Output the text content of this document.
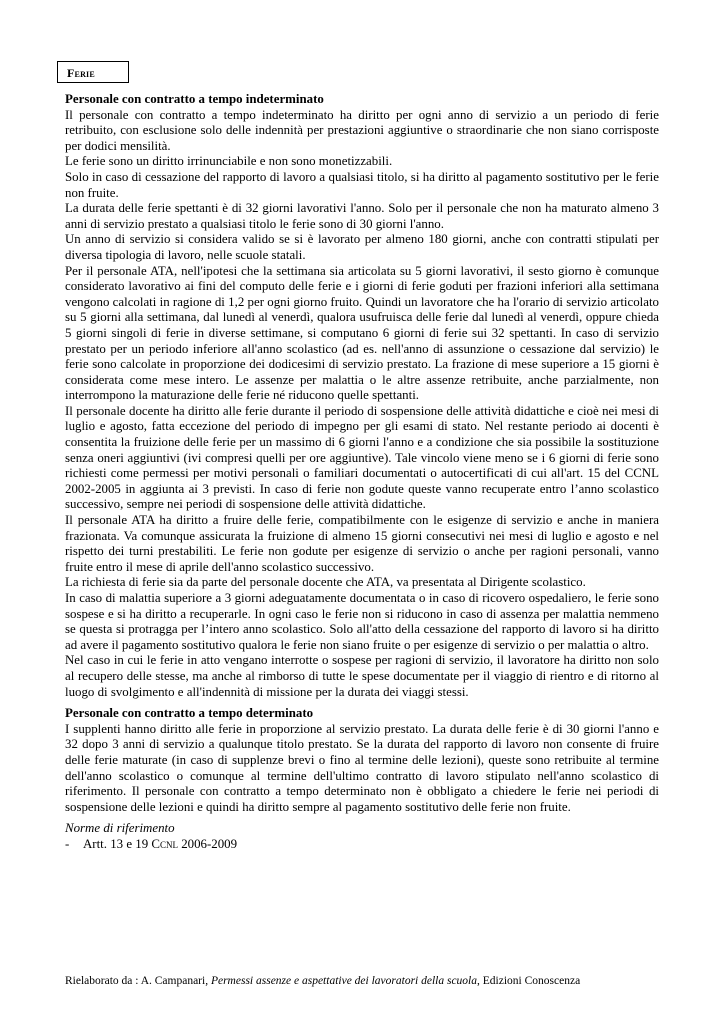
Ferie

Personale con contratto a tempo indeterminato

Il personale con contratto a tempo indeterminato ha diritto per ogni anno di servizio a un periodo di ferie retribuito, con esclusione solo delle indennità per prestazioni aggiuntive o straordinarie che non siano corrisposte per dodici mensilità.

Le ferie sono un diritto irrinunciabile e non sono monetizzabili.

Solo in caso di cessazione del rapporto di lavoro a qualsiasi titolo, si ha diritto al pagamento sostitutivo per le ferie non fruite.

La durata delle ferie spettanti è di 32 giorni lavorativi l'anno. Solo per il personale che non ha maturato almeno 3 anni di servizio prestato a qualsiasi titolo le ferie sono di 30 giorni l'anno.

Un anno di servizio si considera valido se si è lavorato per almeno 180 giorni, anche con contratti stipulati per diversa tipologia di lavoro, nelle scuole statali.

Per il personale ATA, nell'ipotesi che la settimana sia articolata su 5 giorni lavorativi, il sesto giorno è comunque considerato lavorativo ai fini del computo delle ferie e i giorni di ferie goduti per frazioni inferiori alla settimana vengono calcolati in ragione di 1,2 per ogni giorno fruito. Quindi un lavoratore che ha l'orario di servizio articolato su 5 giorni alla settimana, dal lunedì al venerdì, qualora usufruisca delle ferie dal lunedì al venerdì, oppure chieda 5 giorni singoli di ferie in diverse settimane, si computano 6 giorni di ferie sui 32 spettanti. In caso di servizio prestato per un periodo inferiore all'anno scolastico (ad es. nell'anno di assunzione o cessazione dal servizio) le ferie sono calcolate in proporzione dei dodicesimi di servizio prestato. La frazione di mese superiore a 15 giorni è considerata come mese intero. Le assenze per malattia o le altre assenze retribuite, anche parzialmente, non interrompono la maturazione delle ferie né riducono quelle spettanti.

Il personale docente ha diritto alle ferie durante il periodo di sospensione delle attività didattiche e cioè nei mesi di luglio e agosto, fatta eccezione del periodo di impegno per gli esami di stato. Nel restante periodo ai docenti è consentita la fruizione delle ferie per un massimo di 6 giorni l'anno e a condizione che sia possibile la sostituzione senza oneri aggiuntivi (ivi compresi quelli per ore aggiuntive). Tale vincolo viene meno se i 6 giorni di ferie sono richiesti come permessi per motivi personali o familiari documentati o autocertificati di cui all'art. 15 del CCNL 2002-2005 in aggiunta ai 3 previsti. In caso di ferie non godute queste vanno recuperate entro l’anno scolastico successivo, sempre nei periodi di sospensione delle attività didattiche.

Il personale ATA ha diritto a fruire delle ferie, compatibilmente con le esigenze di servizio e anche in maniera frazionata. Va comunque assicurata la fruizione di almeno 15 giorni consecutivi nei mesi di luglio e agosto e nel rispetto dei turni prestabiliti. Le ferie non godute per esigenze di servizio o anche per ragioni personali, vanno fruite entro il mese di aprile dell'anno scolastico successivo.

La richiesta di ferie sia da parte del personale docente che ATA, va presentata al Dirigente scolastico.

In caso di malattia superiore a 3 giorni adeguatamente documentata o in caso di ricovero ospedaliero, le ferie sono sospese e si ha diritto a recuperarle. In ogni caso le ferie non si riducono in caso di assenza per malattia nemmeno se questa si protragga per l’intero anno scolastico. Solo all'atto della cessazione del rapporto di lavoro si ha diritto ad avere il pagamento sostitutivo qualora le ferie non siano fruite o per esigenze di servizio o per malattia o altro.

Nel caso in cui le ferie in atto vengano interrotte o sospese per ragioni di servizio, il lavoratore ha diritto non solo al recupero delle stesse, ma anche al rimborso di tutte le spese documentate per il viaggio di rientro e di ritorno al luogo di svolgimento e all'indennità di missione per la durata dei viaggi stessi.

Personale con contratto a tempo determinato

I supplenti hanno diritto alle ferie in proporzione al servizio prestato. La durata delle ferie è di 30 giorni l'anno e 32 dopo 3 anni di servizio a qualunque titolo prestato. Se la durata del rapporto di lavoro non consente di fruire delle ferie maturate (in caso di supplenze brevi o fino al termine delle lezioni), queste sono retribuite al termine dell'anno scolastico o comunque al termine dell'ultimo contratto di lavoro stipulato nell'anno scolastico di riferimento. Il personale con contratto a tempo determinato non è obbligato a chiedere le ferie nei periodi di sospensione delle lezioni e quindi ha diritto sempre al pagamento sostitutivo delle ferie non fruite.

Norme di riferimento

- Artt. 13 e 19 Ccnl 2006-2009

Rielaborato da : A. Campanari, Permessi assenze e aspettative dei lavoratori della scuola, Edizioni Conoscenza
